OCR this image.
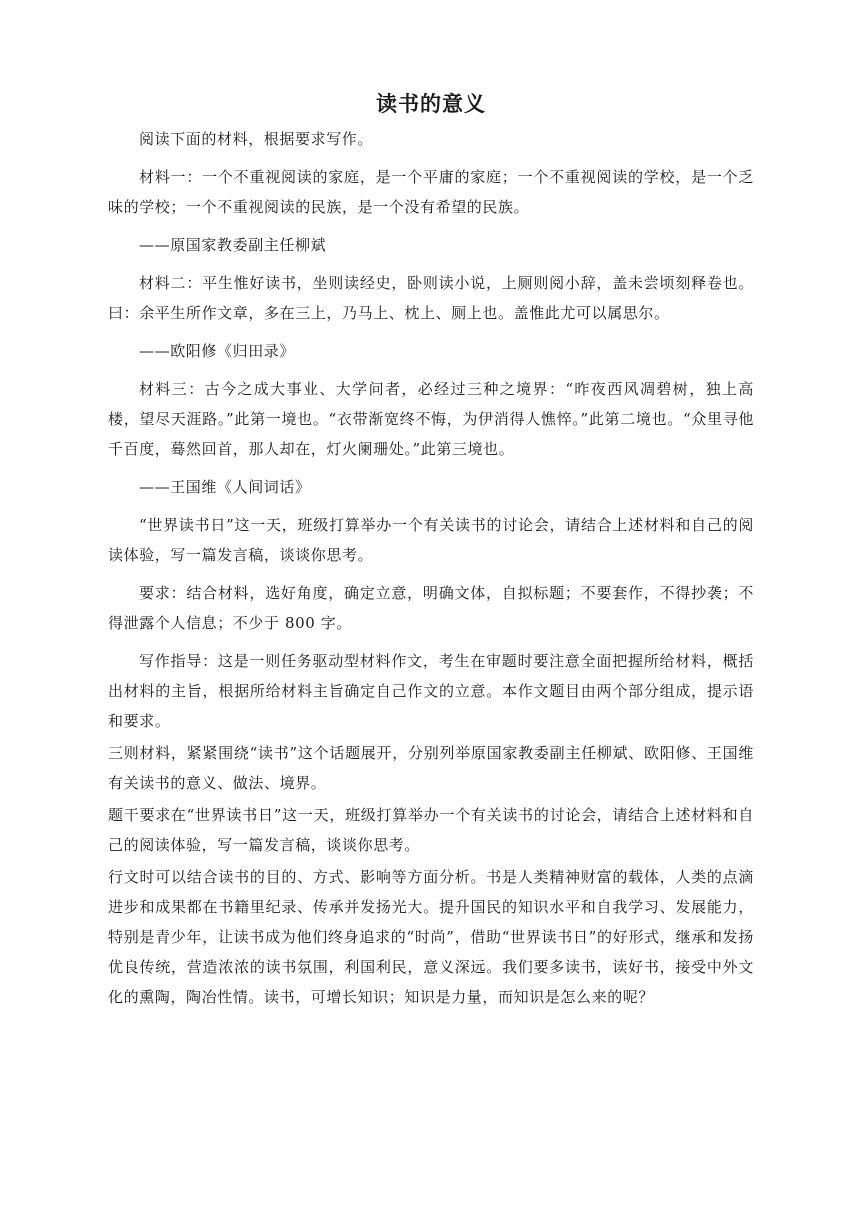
读书的意义

阅读下面的材料，根据要求写作。

材料一：一个不重视阅读的家庭，是一个平庸的家庭；一个不重视阅读的学校，是一个乏味的学校；一个不重视阅读的民族，是一个没有希望的民族。

——原国家教委副主任柳斌

材料二：平生惟好读书，坐则读经史，卧则读小说，上厕则阅小辞，盖未尝顷刻释卷也。曰：余平生所作文章，多在三上，乃马上、枕上、厕上也。盖惟此尤可以属思尔。

——欧阳修《归田录》

材料三：古今之成大事业、大学问者，必经过三种之境界：“昨夜西风凋碧树，独上高楼，望尽天涯路。”此第一境也。“衣带渐宽终不悔，为伊消得人憔悴。”此第二境也。“众里寻他千百度，蓦然回首，那人却在，灯火阑珊处。”此第三境也。

——王国维《人间词话》

“世界读书日”这一天，班级打算举办一个有关读书的讨论会，请结合上述材料和自己的阅读体验，写一篇发言稿，谈谈你思考。

要求：结合材料，选好角度，确定立意，明确文体，自拟标题；不要套作，不得抄袭；不得泄露个人信息；不少于 800 字。

写作指导：这是一则任务驱动型材料作文，考生在审题时要注意全面把握所给材料，概括出材料的主旨，根据所给材料主旨确定自己作文的立意。本作文题目由两个部分组成，提示语和要求。

三则材料，紧紧围绕“读书”这个话题展开，分别列举原国家教委副主任柳斌、欧阳修、王国维有关读书的意义、做法、境界。

题干要求在“世界读书日”这一天，班级打算举办一个有关读书的讨论会，请结合上述材料和自己的阅读体验，写一篇发言稿，谈谈你思考。

行文时可以结合读书的目的、方式、影响等方面分析。书是人类精神财富的载体，人类的点滴进步和成果都在书籍里纪录、传承并发扬光大。提升国民的知识水平和自我学习、发展能力，特别是青少年，让读书成为他们终身追求的“时尚”，借助“世界读书日”的好形式，继承和发扬优良传统，营造浓浓的读书氛围，利国利民，意义深远。我们要多读书，读好书，接受中外文化的熏陶，陶冶性情。读书，可增长知识；知识是力量，而知识是怎么来的呢？
